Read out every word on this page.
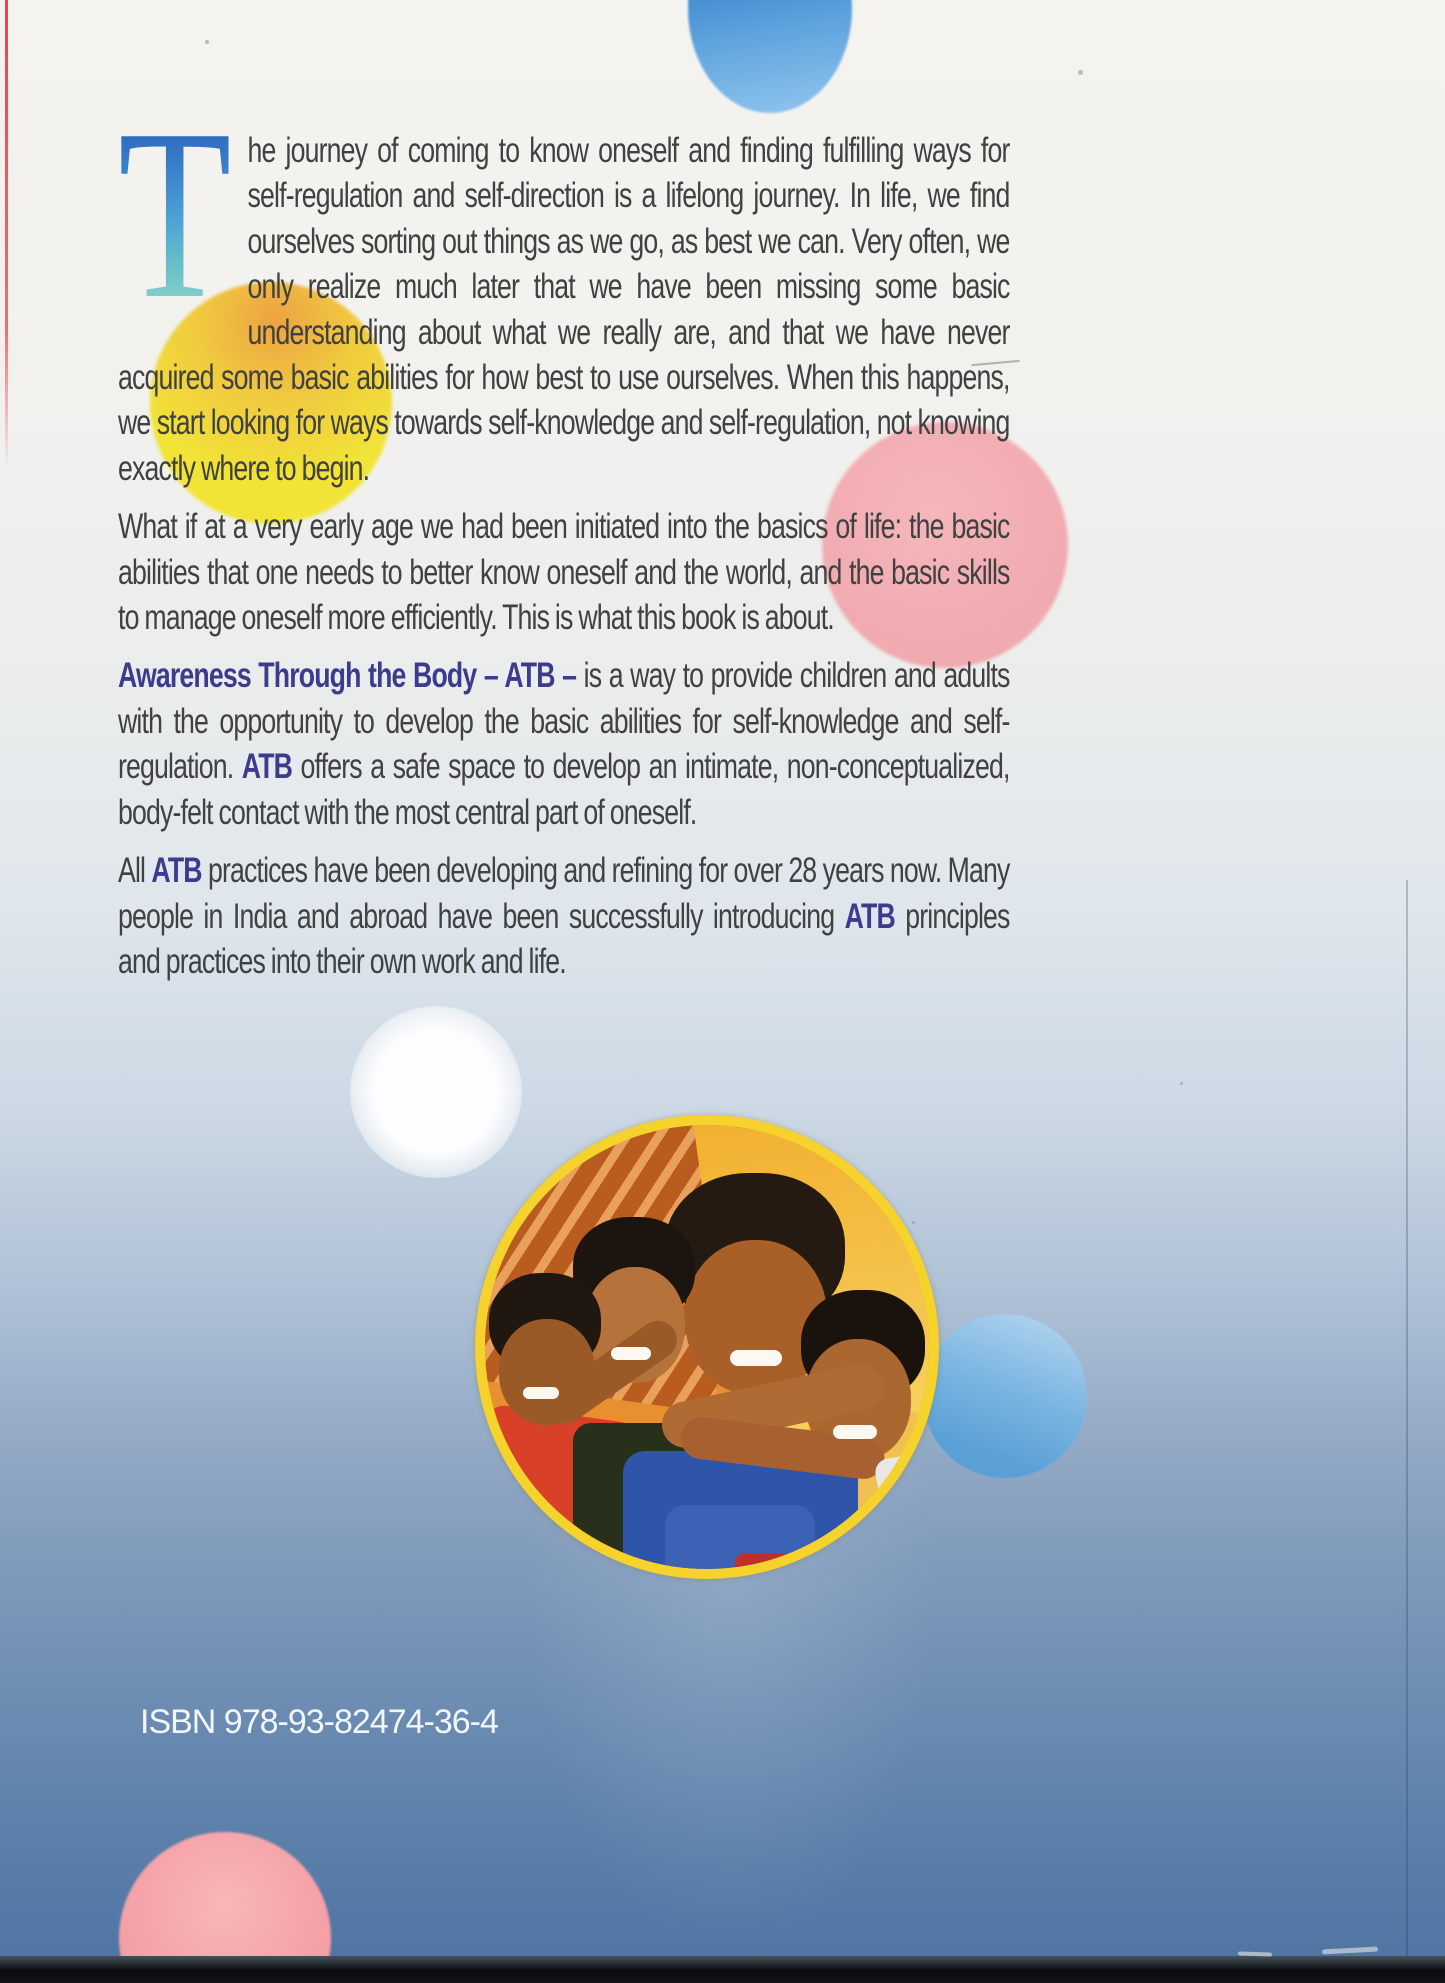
T he journey of coming to know oneself and finding fulfilling ways for self-regulation and self-direction is a lifelong journey. In life, we find ourselves sorting out things as we go, as best we can. Very often, we only realize much later that we have been missing some basic understanding about what we really are, and that we have never acquired some basic abilities for how best to use ourselves. When this happens, we start looking for ways towards self-knowledge and self-regulation, not knowing exactly where to begin.

What if at a very early age we had been initiated into the basics of life: the basic abilities that one needs to better know oneself and the world, and the basic skills to manage oneself more efficiently. This is what this book is about.

Awareness Through the Body – ATB – is a way to provide children and adults with the opportunity to develop the basic abilities for self-knowledge and self-regulation. ATB offers a safe space to develop an intimate, non-conceptualized, body-felt contact with the most central part of oneself.

All ATB practices have been developing and refining for over 28 years now. Many people in India and abroad have been successfully introducing ATB principles and practices into their own work and life.

ISBN 978-93-82474-36-4
